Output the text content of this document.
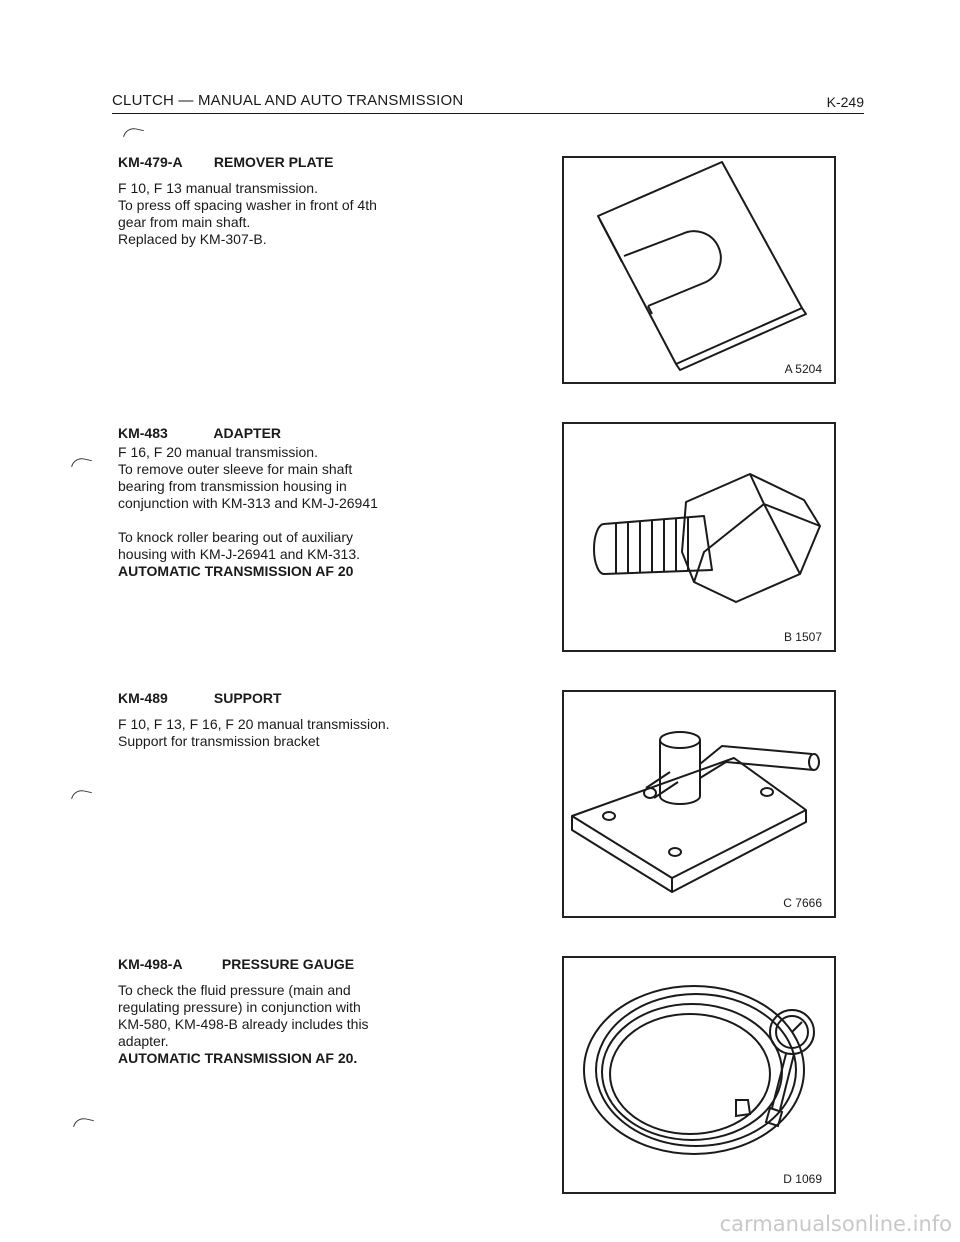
CLUTCH — MANUAL AND AUTO TRANSMISSION	K-249
KM-479-A REMOVER PLATE
F 10, F 13 manual transmission.
To press off spacing washer in front of 4th
gear from main shaft.
Replaced by KM-307-B.
A 5204
KM-483	ADAPTER
F 16, F 20 manual transmission.
To remove outer sleeve for main shaft
bearing from transmission housing in
conjunction with KM-313 and KM-J-26941
To knock roller bearing out of auxiliary
housing with KM-J-26941 and KM-313.
AUTOMATIC TRANSMISSION AF 20
B 1507
KM-489	SUPPORT
F 10, F 13, F 16, F 20 manual transmission.
Support for transmission bracket
C 7666
KM-498-A	PRESSURE GAUGE
To check the fluid pressure (main and
regulating pressure) in conjunction with
KM-580, KM-498-B already includes this
adapter.
AUTOMATIC TRANSMISSION AF 20.
D 1069
carmanualsonline.info
